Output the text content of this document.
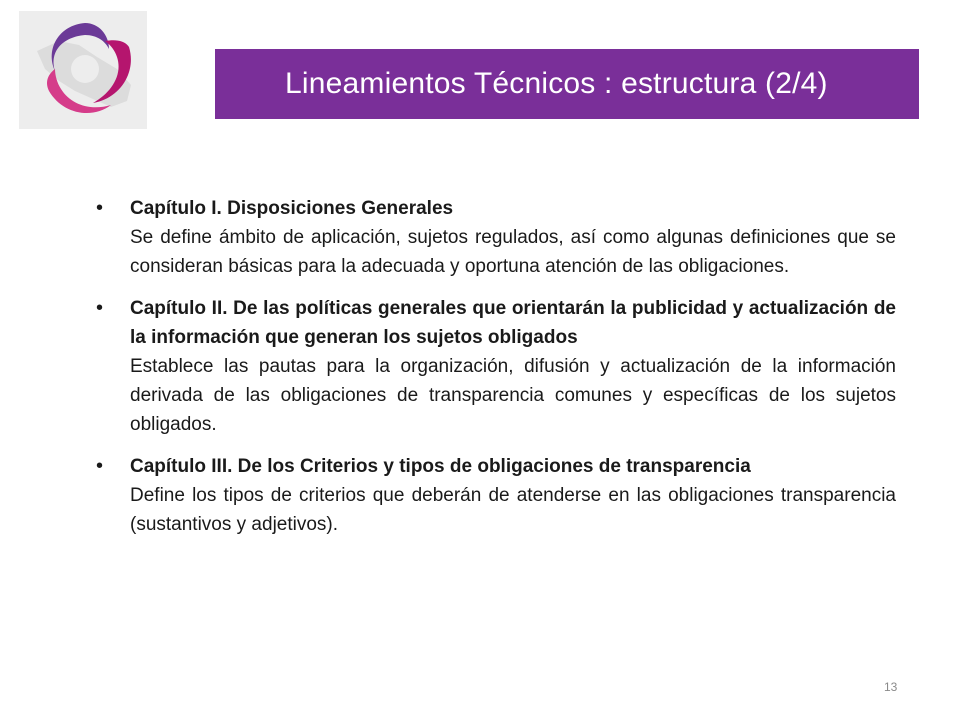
Lineamientos Técnicos : estructura (2/4)
• Capítulo I. Disposiciones Generales
Se define ámbito de aplicación, sujetos regulados, así como algunas definiciones que se consideran básicas para la adecuada y oportuna atención de las obligaciones.
• Capítulo II. De las políticas generales que orientarán la publicidad y actualización de la información que generan los sujetos obligados
Establece las pautas para la organización, difusión y actualización de la información derivada de las obligaciones de transparencia comunes y específicas de los sujetos obligados.
• Capítulo III. De los Criterios y tipos de obligaciones de transparencia
Define los tipos de criterios que deberán de atenderse en las obligaciones transparencia (sustantivos y adjetivos).
13
